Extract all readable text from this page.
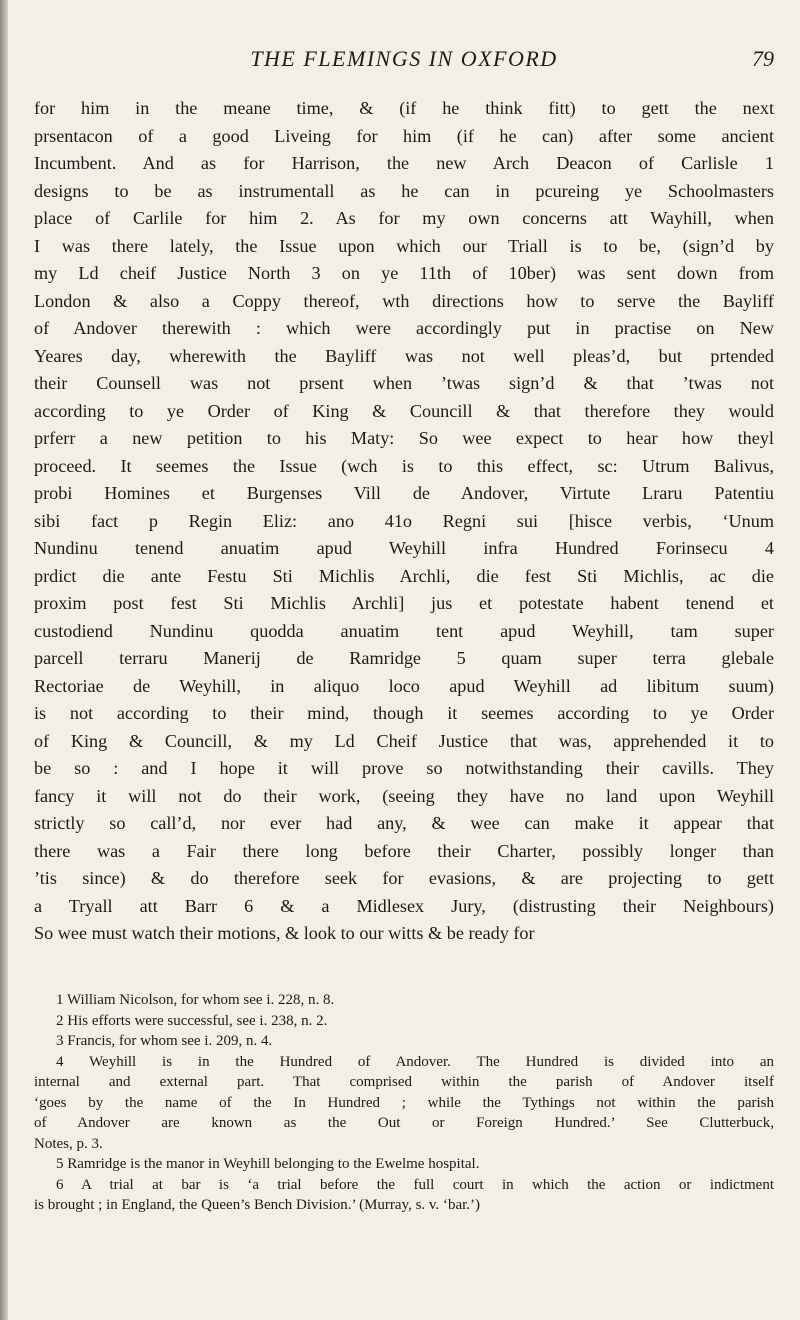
THE FLEMINGS IN OXFORD	79
for him in the meane time, & (if he think fitt) to gett the next
prsentacon of a good Liveing for him (if he can) after some ancient
Incumbent. And as for Harrison, the new Arch Deacon of Carlisle 1
designs to be as instrumentall as he can in pcureing ye Schoolmasters
place of Carlile for him 2. As for my own concerns att Wayhill, when
I was there lately, the Issue upon which our Triall is to be, (sign’d by
my Ld cheif Justice North 3 on ye 11th of 10ber) was sent down from
London & also a Coppy thereof, wth directions how to serve the Bayliff
of Andover therewith : which were accordingly put in practise on New
Yeares day, wherewith the Bayliff was not well pleas’d, but prtended
their Counsell was not prsent when ’twas sign’d & that ’twas not
according to ye Order of King & Councill & that therefore they would
prferr a new petition to his Maty: So wee expect to hear how theyl
proceed. It seemes the Issue (wch is to this effect, sc: Utrum Balivus,
probi Homines et Burgenses Vill de Andover, Virtute Lraru Patentiu
sibi fact p Regin Eliz: ano 41o Regni sui [hisce verbis, ‘Unum
Nundinu tenend anuatim apud Weyhill infra Hundred Forinsecu 4
prdict die ante Festu Sti Michlis Archli, die fest Sti Michlis, ac die
proxim post fest Sti Michlis Archli] jus et potestate habent tenend et
custodiend Nundinu quodda anuatim tent apud Weyhill, tam super
parcell terraru Manerij de Ramridge 5 quam super terra glebale
Rectoriae de Weyhill, in aliquo loco apud Weyhill ad libitum suum)
is not according to their mind, though it seemes according to ye Order
of King & Councill, & my Ld Cheif Justice that was, apprehended it to
be so : and I hope it will prove so notwithstanding their cavills. They
fancy it will not do their work, (seeing they have no land upon Weyhill
strictly so call’d, nor ever had any, & wee can make it appear that
there was a Fair there long before their Charter, possibly longer than
’tis since) & do therefore seek for evasions, & are projecting to gett
a Tryall att Barr 6 & a Midlesex Jury, (distrusting their Neighbours)
So wee must watch their motions, & look to our witts & be ready for
1 William Nicolson, for whom see i. 228, n. 8.
2 His efforts were successful, see i. 238, n. 2.
3 Francis, for whom see i. 209, n. 4.
4 Weyhill is in the Hundred of Andover. The Hundred is divided into an
internal and external part. That comprised within the parish of Andover itself
‘goes by the name of the In Hundred ; while the Tythings not within the parish
of Andover are known as the Out or Foreign Hundred.’ See Clutterbuck,
Notes, p. 3.
5 Ramridge is the manor in Weyhill belonging to the Ewelme hospital.
6 A trial at bar is ‘a trial before the full court in which the action or indictment
is brought ; in England, the Queen’s Bench Division.’ (Murray, s. v. ‘bar.’)
